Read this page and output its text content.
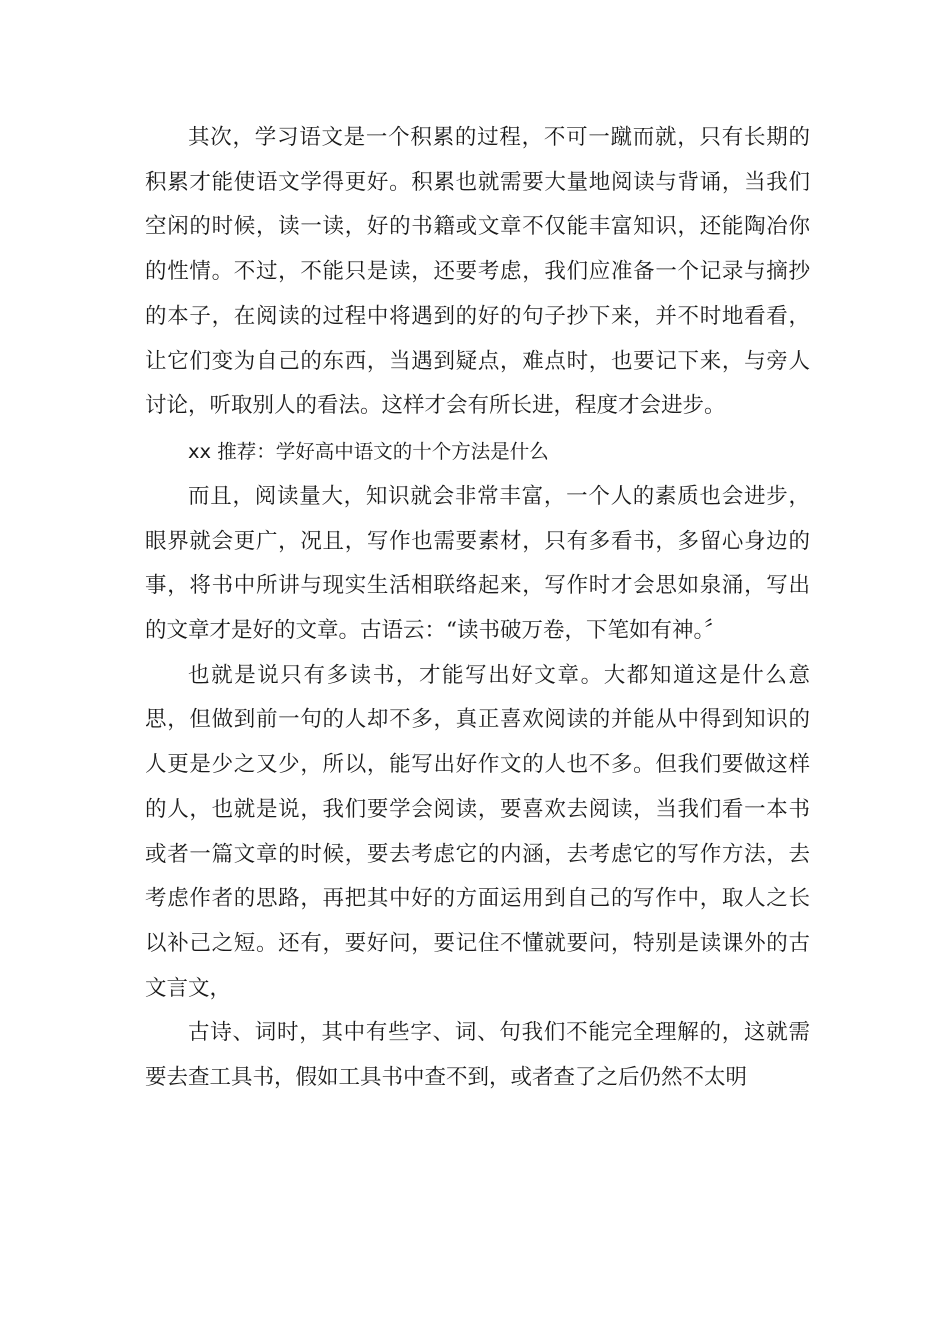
其次，学习语文是一个积累的过程，不可一蹴而就，只有长期的积累才能使语文学得更好。积累也就需要大量地阅读与背诵，当我们空闲的时候，读一读，好的书籍或文章不仅能丰富知识，还能陶冶你的性情。不过，不能只是读，还要考虑，我们应准备一个记录与摘抄的本子，在阅读的过程中将遇到的好的句子抄下来，并不时地看看，让它们变为自己的东西，当遇到疑点，难点时，也要记下来，与旁人讨论，听取别人的看法。这样才会有所长进，程度才会进步。

xx 推荐：学好高中语文的十个方法是什么

而且，阅读量大，知识就会非常丰富，一个人的素质也会进步，眼界就会更广，况且，写作也需要素材，只有多看书，多留心身边的事，将书中所讲与现实生活相联络起来，写作时才会思如泉涌，写出的文章才是好的文章。古语云：“读书破万卷，下笔如有神。〞

也就是说只有多读书，才能写出好文章。大都知道这是什么意思，但做到前一句的人却不多，真正喜欢阅读的并能从中得到知识的人更是少之又少，所以，能写出好作文的人也不多。但我们要做这样的人，也就是说，我们要学会阅读，要喜欢去阅读，当我们看一本书或者一篇文章的时候，要去考虑它的内涵，去考虑它的写作方法，去考虑作者的思路，再把其中好的方面运用到自己的写作中，取人之长以补己之短。还有，要好问，要记住不懂就要问，特别是读课外的古文言文，

古诗、词时，其中有些字、词、句我们不能完全理解的，这就需要去查工具书，假如工具书中查不到，或者查了之后仍然不太明
